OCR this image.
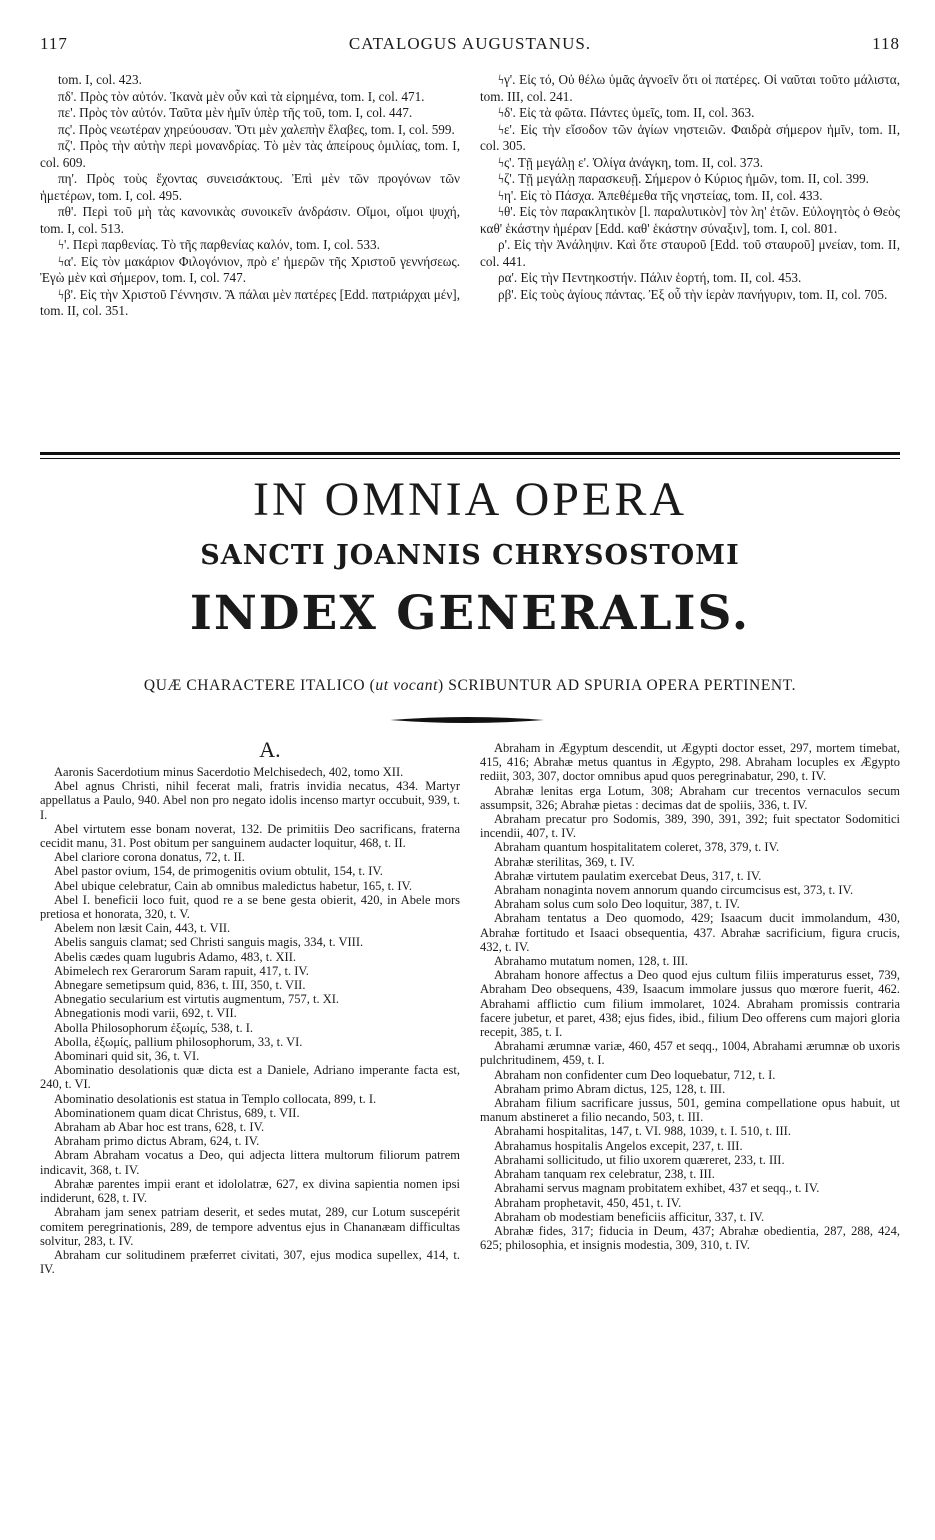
117	CATALOGUS AUGUSTANUS.	118

tom. I, col. 423.

πδ'. Πρὸς τὸν αὐτόν. Ἱκανὰ μὲν οὖν καὶ τὰ εἰρημένα, tom. I, col. 471.

πε'. Πρὸς τὸν αὐτόν. Ταῦτα μὲν ἡμῖν ὑπὲρ τῆς τοῦ, tom. I, col. 447.

πς'. Πρὸς νεωτέραν χηρεύουσαν. Ὅτι μὲν χαλεπὴν ἔλαβες, tom. I, col. 599.

πζ'. Πρὸς τὴν αὐτὴν περὶ μονανδρίας. Τὸ μὲν τὰς ἀπείρους ὁμιλίας, tom. I, col. 609.

πη'. Πρὸς τοὺς ἔχοντας συνεισάκτους. Ἐπὶ μὲν τῶν προγόνων τῶν ἡμετέρων, tom. I, col. 495.

πθ'. Περὶ τοῦ μὴ τὰς κανονικὰς συνοικεῖν ἀνδράσιν. Οἴμοι, οἴμοι ψυχή, tom. I, col. 513.

ϟ'. Περὶ παρθενίας. Τὸ τῆς παρθενίας καλόν, tom. I, col. 533.

ϟα'. Εἰς τὸν μακάριον Φιλογόνιον, πρὸ ε' ἡμερῶν τῆς Χριστοῦ γεννήσεως. Ἐγὼ μὲν καὶ σήμερον, tom. I, col. 747.

ϟβ'. Εἰς τὴν Χριστοῦ Γέννησιν. Ἃ πάλαι μὲν πατέρες [Edd. πατριάρχαι μέν], tom. II, col. 351.

ϟγ'. Εἰς τό, Οὐ θέλω ὑμᾶς ἀγνοεῖν ὅτι οἱ πατέρες. Οἱ ναῦται τοῦτο μάλιστα, tom. III, col. 241.

ϟδ'. Εἰς τὰ φῶτα. Πάντες ὑμεῖς, tom. II, col. 363.

ϟε'. Εἰς τὴν εἴσοδον τῶν ἁγίων νηστειῶν. Φαιδρὰ σήμερον ἡμῖν, tom. II, col. 305.

ϟς'. Τῇ μεγάλῃ ε'. Ὀλίγα ἀνάγκη, tom. II, col. 373.

ϟζ'. Τῇ μεγάλῃ παρασκευῇ. Σήμερον ὁ Κύριος ἡμῶν, tom. II, col. 399.

ϟη'. Εἰς τὸ Πάσχα. Ἀπεθέμεθα τῆς νηστείας, tom. II, col. 433.

ϟθ'. Εἰς τὸν παρακλητικὸν [l. παραλυτικὸν] τὸν λη' ἐτῶν. Εὐλογητὸς ὁ Θεὸς καθ' ἑκάστην ἡμέραν [Edd. καθ' ἑκάστην σύναξιν], tom. I, col. 801.

ρ'. Εἰς τὴν Ἀνάληψιν. Καὶ ὅτε σταυροῦ [Edd. τοῦ σταυροῦ] μνείαν, tom. II, col. 441.

ρα'. Εἰς τὴν Πεντηκοστήν. Πάλιν ἑορτή, tom. II, col. 453.

ρβ'. Εἰς τοὺς ἁγίους πάντας. Ἐξ οὗ τὴν ἱερὰν πανήγυριν, tom. II, col. 705.

IN OMNIA OPERA
SANCTI JOANNIS CHRYSOSTOMI
INDEX GENERALIS.
QUÆ CHARACTERE ITALICO (ut vocant) SCRIBUNTUR AD SPURIA OPERA PERTINENT.
A.

Aaronis Sacerdotium minus Sacerdotio Melchisedech, 402, tomo XII.

Abel agnus Christi, nihil fecerat mali, fratris invidia necatus, 434. Martyr appellatus a Paulo, 940. Abel non pro negato idolis incenso martyr occubuit, 939, t. I.

Abel virtutem esse bonam noverat, 132. De primitiis Deo sacrificans, fraterna cecidit manu, 31. Post obitum per sanguinem audacter loquitur, 468, t. II.

Abel clariore corona donatus, 72, t. II.

Abel pastor ovium, 154, de primogenitis ovium obtulit, 154, t. IV.

Abel ubique celebratur, Cain ab omnibus maledictus habetur, 165, t. IV.

Abel I. beneficii loco fuit, quod re a se bene gesta obierit, 420, in Abele mors pretiosa et honorata, 320, t. V.

Abelem non læsit Cain, 443, t. VII.

Abelis sanguis clamat; sed Christi sanguis magis, 334, t. VIII.

Abelis cædes quam lugubris Adamo, 483, t. XII.

Abimelech rex Gerarorum Saram rapuit, 417, t. IV.

Abnegare semetipsum quid, 836, t. III, 350, t. VII.

Abnegatio secularium est virtutis augmentum, 757, t. XI.

Abnegationis modi varii, 692, t. VII.

Abolla Philosophorum ἐξωμίς, 538, t. I.

Abolla, ἐξωμίς, pallium philosophorum, 33, t. VI.

Abominari quid sit, 36, t. VI.

Abominatio desolationis quæ dicta est a Daniele, Adriano imperante facta est, 240, t. VI.

Abominatio desolationis est statua in Templo collocata, 899, t. I.

Abominationem quam dicat Christus, 689, t. VII.

Abraham ab Abar hoc est trans, 628, t. IV.

Abraham primo dictus Abram, 624, t. IV.

Abram Abraham vocatus a Deo, qui adjecta littera multorum filiorum patrem indicavit, 368, t. IV.

Abrahæ parentes impii erant et idololatræ, 627, ex divina sapientia nomen ipsi indiderunt, 628, t. IV.

Abraham jam senex patriam deserit, et sedes mutat, 289, cur Lotum suscepérit comitem peregrinationis, 289, de tempore adventus ejus in Chananæam difficultas solvitur, 283, t. IV.

Abraham cur solitudinem præferret civitati, 307, ejus modica supellex, 414, t. IV.

Abraham in Ægyptum descendit, ut Ægypti doctor esset, 297, mortem timebat, 415, 416; Abrahæ metus quantus in Ægypto, 298. Abraham locuples ex Ægypto rediit, 303, 307, doctor omnibus apud quos peregrinabatur, 290, t. IV.

Abrahæ lenitas erga Lotum, 308; Abraham cur trecentos vernaculos secum assumpsit, 326; Abrahæ pietas : decimas dat de spoliis, 336, t. IV.

Abraham precatur pro Sodomis, 389, 390, 391, 392; fuit spectator Sodomitici incendii, 407, t. IV.

Abraham quantum hospitalitatem coleret, 378, 379, t. IV.

Abrahæ sterilitas, 369, t. IV.

Abrahæ virtutem paulatim exercebat Deus, 317, t. IV.

Abraham nonaginta novem annorum quando circumcisus est, 373, t. IV.

Abraham solus cum solo Deo loquitur, 387, t. IV.

Abraham tentatus a Deo quomodo, 429; Isaacum ducit immolandum, 430, Abrahæ fortitudo et Isaaci obsequentia, 437. Abrahæ sacrificium, figura crucis, 432, t. IV.

Abrahamo mutatum nomen, 128, t. III.

Abraham honore affectus a Deo quod ejus cultum filiis imperaturus esset, 739, Abraham Deo obsequens, 439, Isaacum immolare jussus quo mœrore fuerit, 462. Abrahami afflictio cum filium immolaret, 1024. Abraham promissis contraria facere jubetur, et paret, 438; ejus fides, ibid., filium Deo offerens cum majori gloria recepit, 385, t. I.

Abrahami ærumnæ variæ, 460, 457 et seqq., 1004, Abrahami ærumnæ ob uxoris pulchritudinem, 459, t. I.

Abraham non confidenter cum Deo loquebatur, 712, t. I.

Abraham primo Abram dictus, 125, 128, t. III.

Abraham filium sacrificare jussus, 501, gemina compellatione opus habuit, ut manum abstineret a filio necando, 503, t. III.

Abrahami hospitalitas, 147, t. VI. 988, 1039, t. I. 510, t. III.

Abrahamus hospitalis Angelos excepit, 237, t. III.

Abrahami sollicitudo, ut filio uxorem quæreret, 233, t. III.

Abraham tanquam rex celebratur, 238, t. III.

Abrahami servus magnam probitatem exhibet, 437 et seqq., t. IV.

Abraham prophetavit, 450, 451, t. IV.

Abraham ob modestiam beneficiis afficitur, 337, t. IV.

Abrahæ fides, 317; fiducia in Deum, 437; Abrahæ obedientia, 287, 288, 424, 625; philosophia, et insignis modestia, 309, 310, t. IV.
